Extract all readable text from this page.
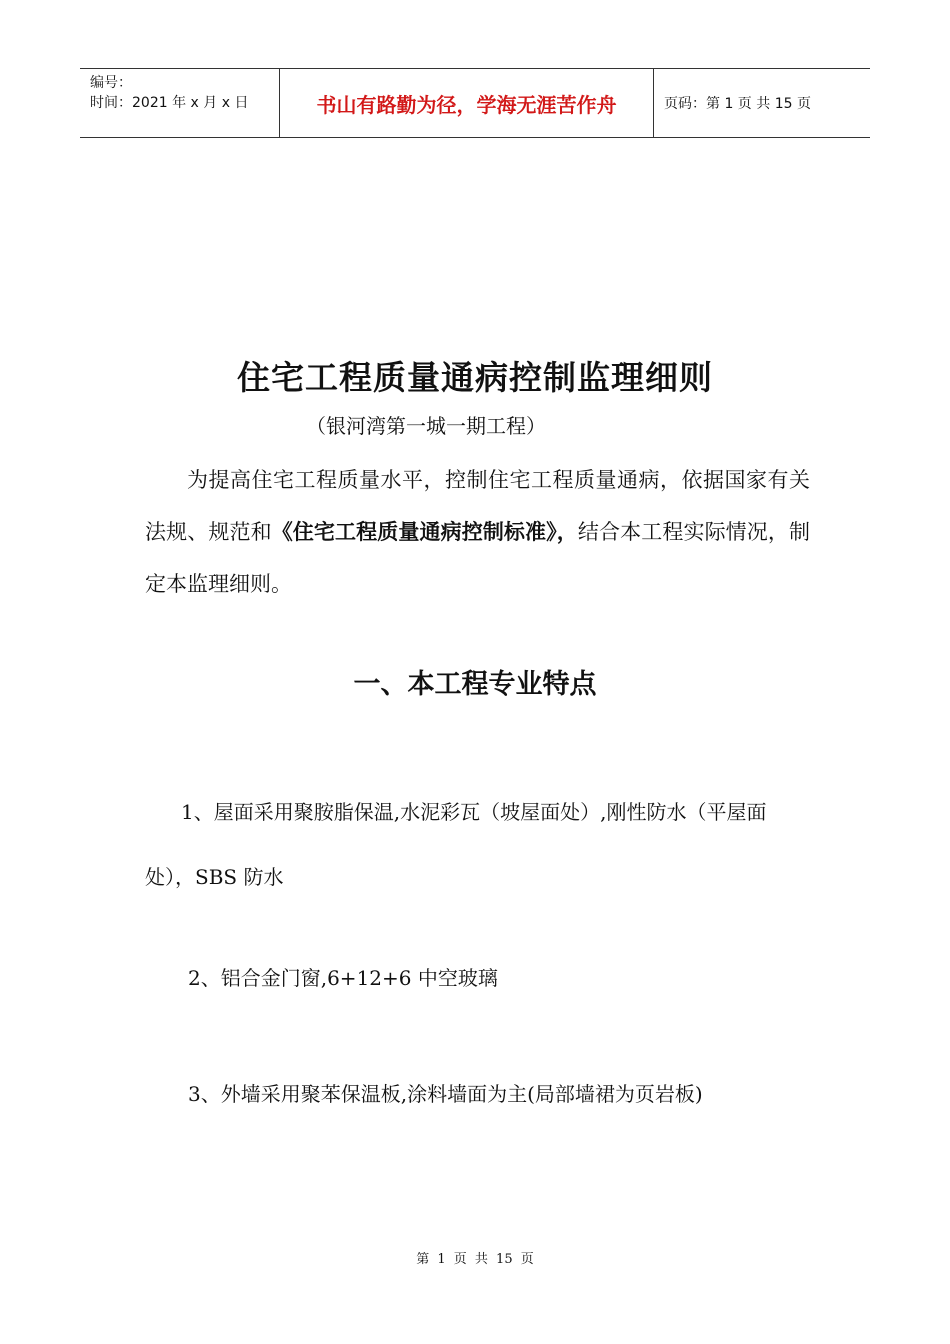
编号：
时间：2021 年 x 月 x 日	书山有路勤为径，学海无涯苦作舟	页码：第 1 页 共 15 页
住宅工程质量通病控制监理细则
（银河湾第一城一期工程）
为提高住宅工程质量水平，控制住宅工程质量通病，依据国家有关法规、规范和《住宅工程质量通病控制标准》，结合本工程实际情况，制定本监理细则。
一、本工程专业特点
1、屋面采用聚胺脂保温,水泥彩瓦（坡屋面处）,刚性防水（平屋面处），SBS 防水
2、铝合金门窗,6+12+6 中空玻璃
3、外墙采用聚苯保温板,涂料墙面为主(局部墙裙为页岩板)
第 1 页 共 15 页
